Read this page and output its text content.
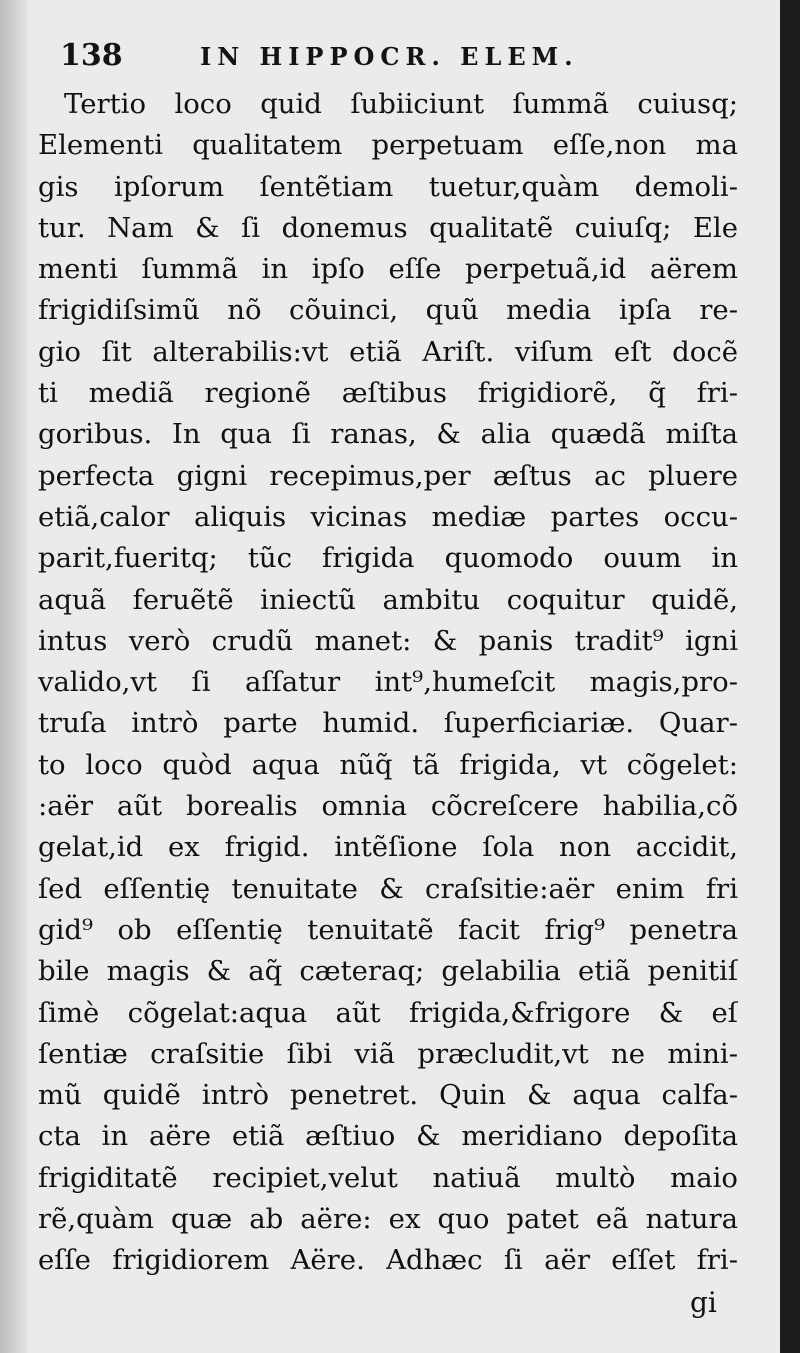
138	IN HIPPOCR. ELEM.
Tertio loco quid ſubiiciunt ſummã cuiusq;
Elementi qualitatem perpetuam eſſe,non ma
gis ipſorum ſentẽtiam tuetur,quàm demoli-
tur. Nam & ſi donemus qualitatẽ cuiuſq; Ele
menti ſummã in ipſo eſſe perpetuã,id aërem
frigidiſsimũ nõ cõuinci, quũ media ipſa re-
gio ſit alterabilis:vt etiã Ariſt. viſum eſt docẽ
ti mediã regionẽ æſtibus frigidiorẽ, q̃ fri-
goribus. In qua ſi ranas, & alia quædã miſta
perfecta gigni recepimus,per æſtus ac pluere
etiã,calor aliquis vicinas mediæ partes occu-
parit,fueritq; tũc frigida quomodo ouum in
aquã feruẽtẽ iniectũ ambitu coquitur quidẽ,
intus verò crudũ manet: & panis tradit⁹ igni
valido,vt ſi aſſatur int⁹,humeſcit magis,pro-
truſa intrò parte humid. ſuperficiariæ. Quar-
to loco quòd aqua nũq̃ tã frigida, vt cõgelet:
:aër aũt borealis omnia cõcreſcere habilia,cõ
gelat,id ex frigid. intẽſione ſola non accidit,
ſed eſſentię tenuitate & craſsitie:aër enim fri
gid⁹ ob eſſentię tenuitatẽ facit frig⁹ penetra
bile magis & aq̃ cæteraq; gelabilia etiã penitiſ
ſimè cõgelat:aqua aũt frigida,&frigore & eſ
ſentiæ craſsitie ſibi viã præcludit,vt ne mini-
mũ quidẽ intrò penetret. Quin & aqua calfa-
cta in aëre etiã æſtiuo & meridiano depoſita
frigiditatẽ recipiet,velut natiuã multò maio
rẽ,quàm quæ ab aëre: ex quo patet eã natura
eſſe frigidiorem Aëre. Adhæc ſi aër eſſet fri-
gi
